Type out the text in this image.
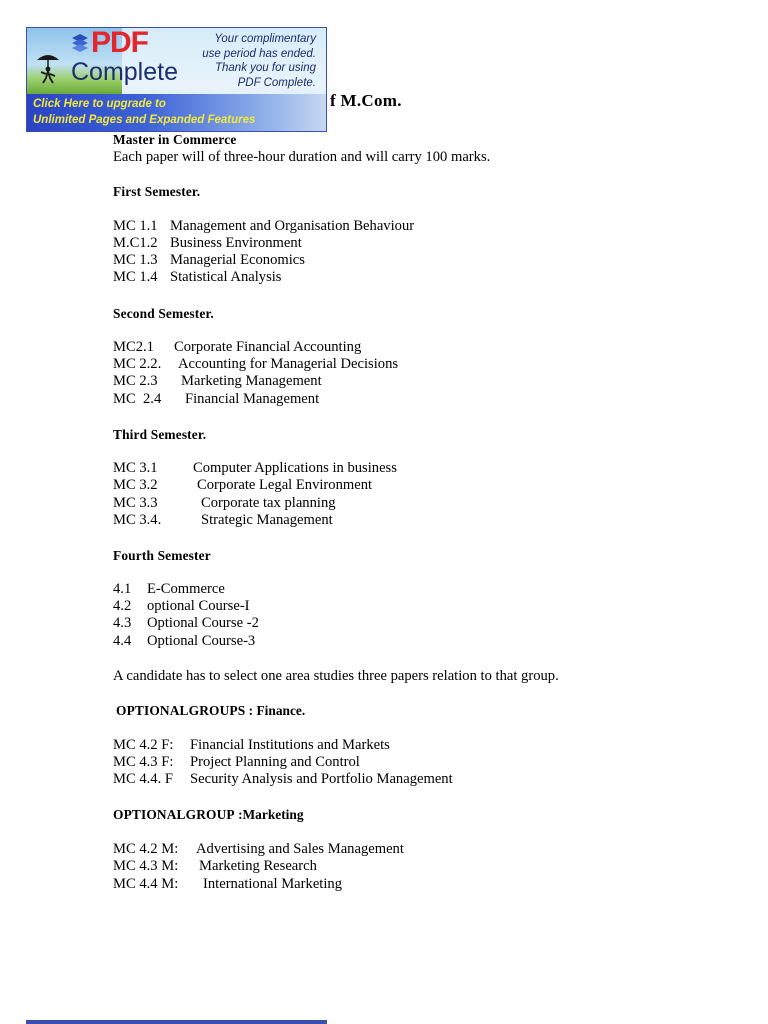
PDF
Complete
Your complimentary
use period has ended.
Thank you for using
PDF Complete.
Click Here to upgrade to
Unlimited Pages and Expanded Features
f M.Com.
Master in Commerce
Each paper will of three-hour duration and will carry 100 marks.
First Semester.
MC 1.1 Management and Organisation Behaviour
M.C1.2 Business Environment
MC 1.3 Managerial Economics
MC 1.4 Statistical Analysis
Second Semester.
MC2.1 Corporate Financial Accounting
MC 2.2. Accounting for Managerial Decisions
MC 2.3 Marketing Management
MC  2.4 Financial Management
Third Semester.
MC 3.1 Computer Applications in business
MC 3.2	Corporate Legal Environment
MC 3.3	Corporate tax planning
MC 3.4.	Strategic Management
Fourth Semester
4.1 E-Commerce
4.2 optional Course-I
4.3 Optional Course -2
4.4 Optional Course-3
A candidate has to select one area studies three papers relation to that group.
OPTIONALGROUPS : Finance.
MC 4.2 F: Financial Institutions and Markets
MC 4.3 F: Project Planning and Control
MC 4.4. F Security Analysis and Portfolio Management
OPTIONALGROUP :Marketing
MC 4.2 M: Advertising and Sales Management
MC 4.3 M: Marketing Research
MC 4.4 M: International Marketing
